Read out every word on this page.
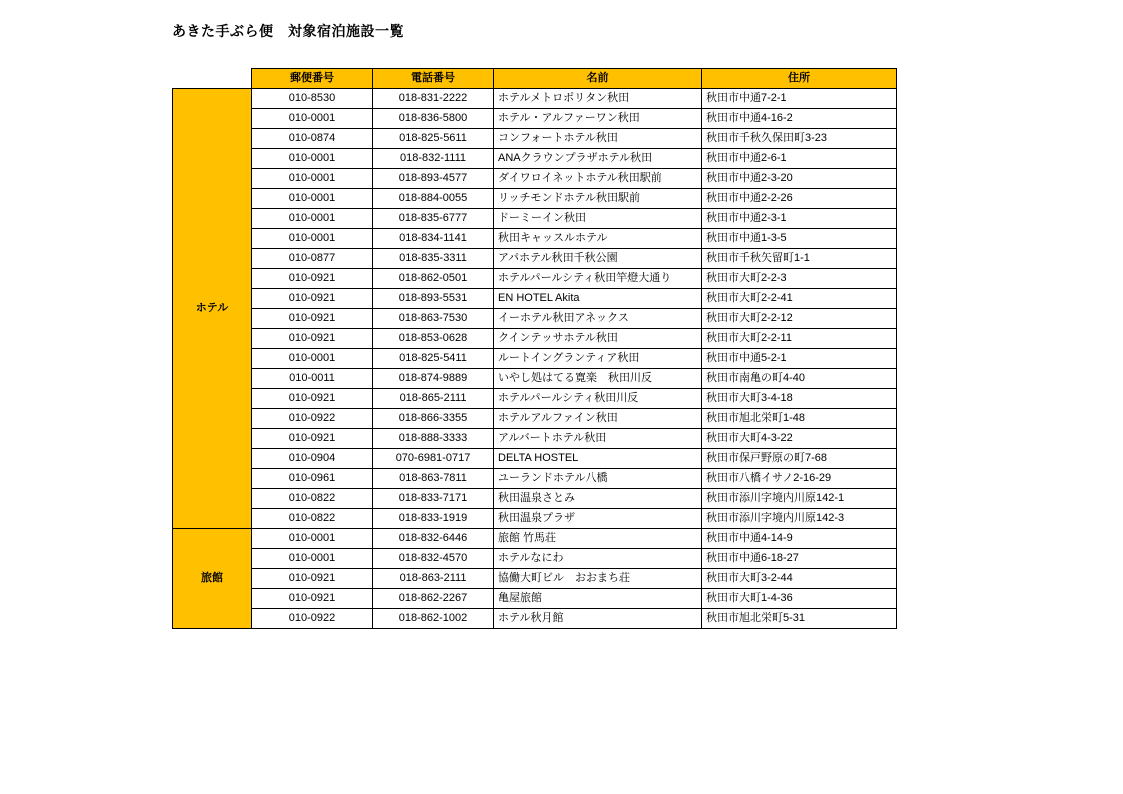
あきた手ぶら便　対象宿泊施設一覧
	郵便番号	電話番号	名前	住所
ホテル	010-8530	018-831-2222	ホテルメトロポリタン秋田	秋田市中通7-2-1
	010-0001	018-836-5800	ホテル・アルファーワン秋田	秋田市中通4-16-2
	010-0874	018-825-5611	コンフォートホテル秋田	秋田市千秋久保田町3-23
	010-0001	018-832-1111	ANAクラウンプラザホテル秋田	秋田市中通2-6-1
	010-0001	018-893-4577	ダイワロイネットホテル秋田駅前	秋田市中通2-3-20
	010-0001	018-884-0055	リッチモンドホテル秋田駅前	秋田市中通2-2-26
	010-0001	018-835-6777	ドーミーイン秋田	秋田市中通2-3-1
	010-0001	018-834-1141	秋田キャッスルホテル	秋田市中通1-3-5
	010-0877	018-835-3311	アパホテル秋田千秋公園	秋田市千秋矢留町1-1
	010-0921	018-862-0501	ホテルパールシティ秋田竿燈大通り	秋田市大町2-2-3
	010-0921	018-893-5531	EN HOTEL Akita	秋田市大町2-2-41
	010-0921	018-863-7530	イーホテル秋田アネックス	秋田市大町2-2-12
	010-0921	018-853-0628	クインテッサホテル秋田	秋田市大町2-2-11
	010-0001	018-825-5411	ルートイングランティア秋田	秋田市中通5-2-1
	010-0011	018-874-9889	いやし処はてる寛楽　秋田川反	秋田市南亀の町4-40
	010-0921	018-865-2111	ホテルパールシティ秋田川反	秋田市大町3-4-18
	010-0922	018-866-3355	ホテルアルファイン秋田	秋田市旭北栄町1-48
	010-0921	018-888-3333	アルバートホテル秋田	秋田市大町4-3-22
	010-0904	070-6981-0717	DELTA HOSTEL	秋田市保戸野原の町7-68
	010-0961	018-863-7811	ユーランドホテル八橋	秋田市八橋イサノ2-16-29
	010-0822	018-833-7171	秋田温泉さとみ	秋田市添川字境内川原142-1
	010-0822	018-833-1919	秋田温泉プラザ	秋田市添川字境内川原142-3
旅館	010-0001	018-832-6446	旅館 竹馬荘	秋田市中通4-14-9
	010-0001	018-832-4570	ホテルなにわ	秋田市中通6-18-27
	010-0921	018-863-2111	協働大町ビル　おおまち荘	秋田市大町3-2-44
	010-0921	018-862-2267	亀屋旅館	秋田市大町1-4-36
	010-0922	018-862-1002	ホテル秋月館	秋田市旭北栄町5-31
